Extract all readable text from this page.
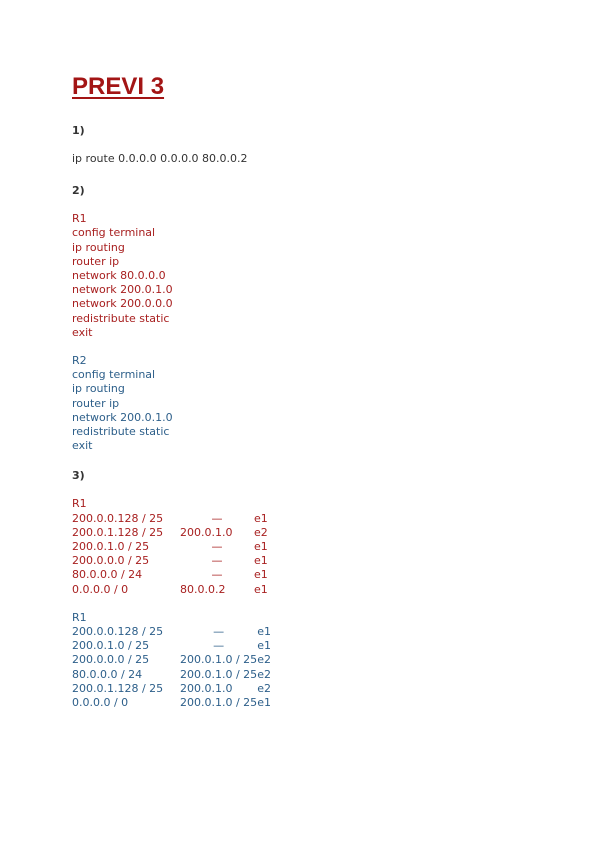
PREVI 3
1)
ip route 0.0.0.0 0.0.0.0 80.0.0.2
2)
R1
config terminal
ip routing
router ip
network 80.0.0.0
network 200.0.1.0
network 200.0.0.0
redistribute static
exit
R2
config terminal
ip routing
router ip
network 200.0.1.0
redistribute static
exit
3)
R1
200.0.0.128 / 25	—	e1
200.0.1.128 / 25	200.0.1.0	e2
200.0.1.0 / 25	—	e1
200.0.0.0 / 25	—	e1
80.0.0.0 / 24	—	e1
0.0.0.0 / 0	80.0.0.2	e1
R1
200.0.0.128 / 25	—	e1
200.0.1.0 / 25	—	e1
200.0.0.0 / 25	200.0.1.0 / 25	e2
80.0.0.0 / 24	200.0.1.0 / 25	e2
200.0.1.128 / 25	200.0.1.0	e2
0.0.0.0 / 0	200.0.1.0 / 25	e1
